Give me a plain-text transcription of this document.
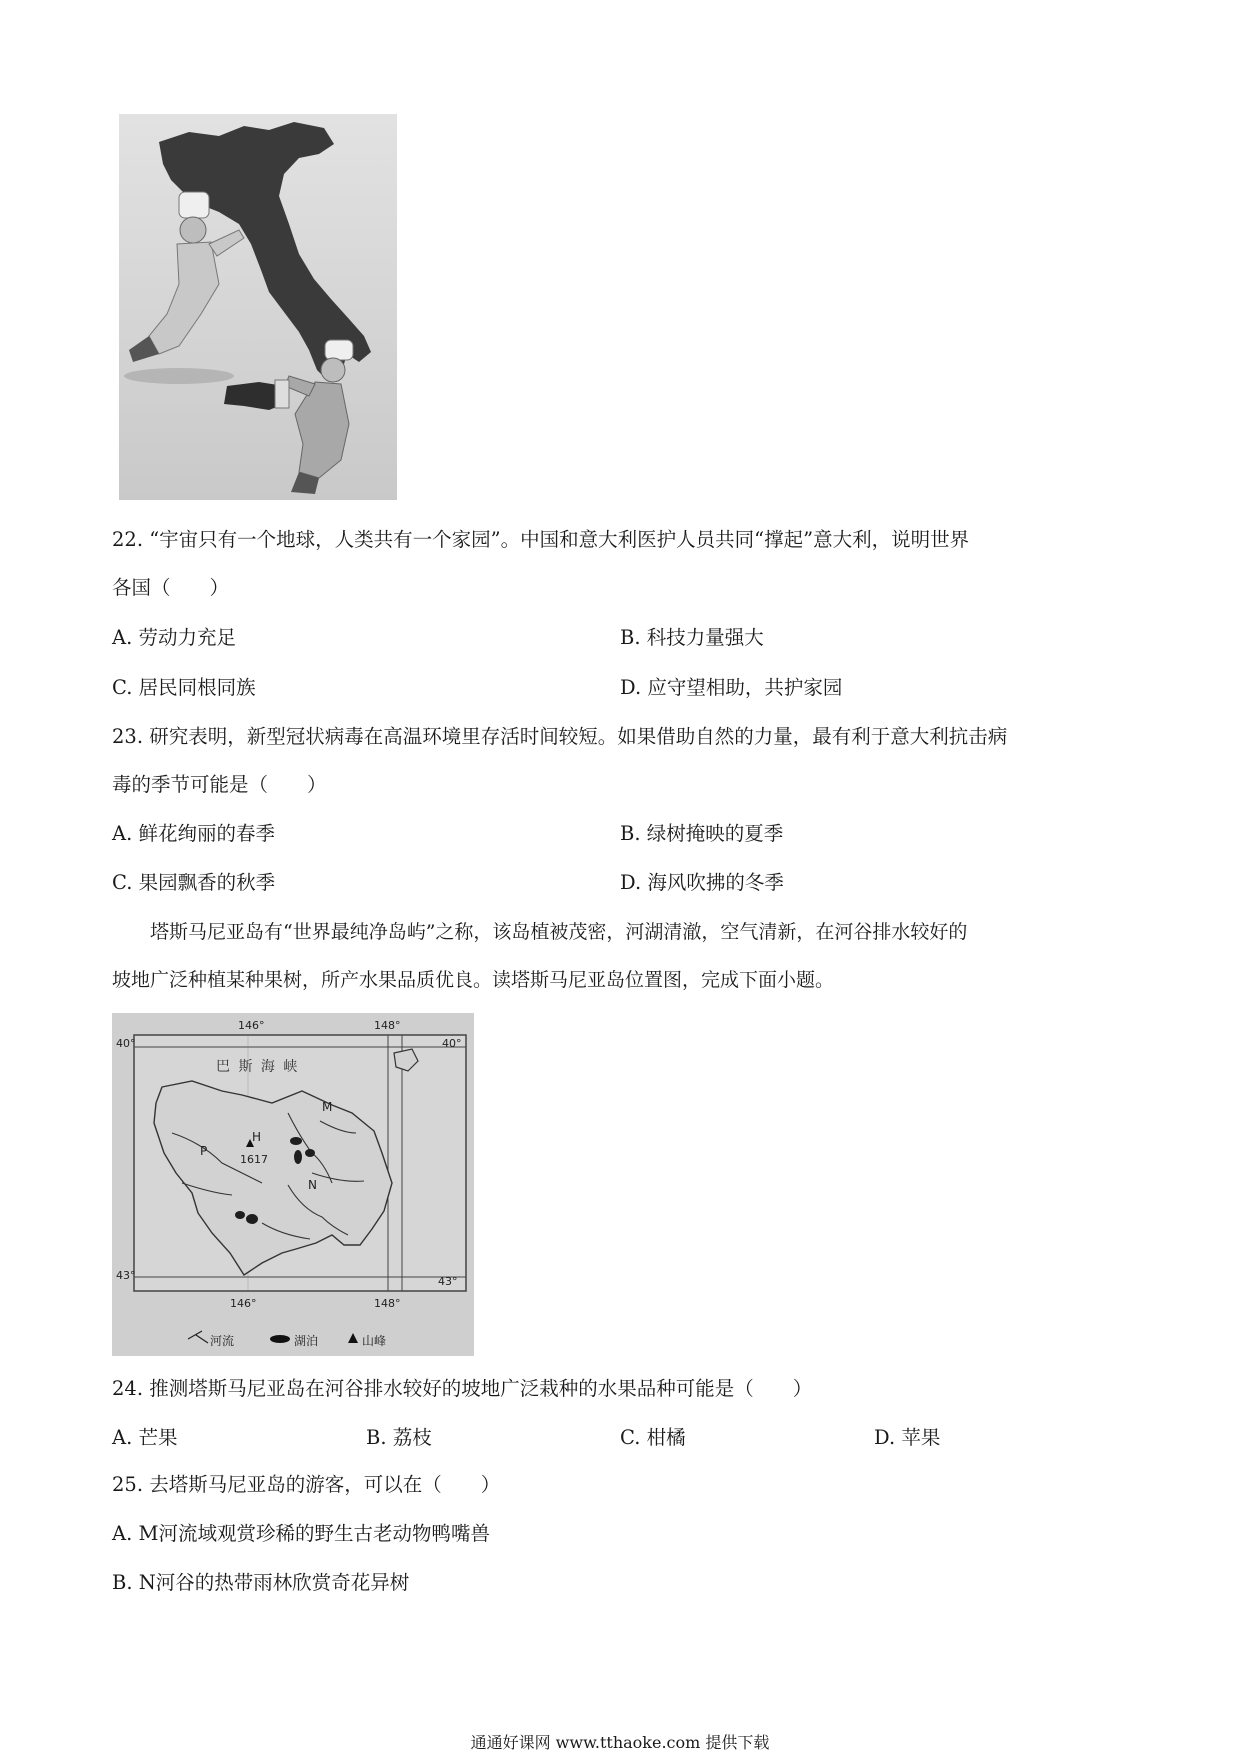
22. “宇宙只有一个地球，人类共有一个家园”。中国和意大利医护人员共同“撑起”意大利，说明世界
各国（　　）
A. 劳动力充足	B. 科技力量强大
C. 居民同根同族	D. 应守望相助，共护家园
23. 研究表明，新型冠状病毒在高温环境里存活时间较短。如果借助自然的力量，最有利于意大利抗击病
毒的季节可能是（　　）
A. 鲜花绚丽的春季	B. 绿树掩映的夏季
C. 果园飘香的秋季	D. 海风吹拂的冬季
塔斯马尼亚岛有“世界最纯净岛屿”之称，该岛植被茂密，河湖清澈，空气清新，在河谷排水较好的
坡地广泛种植某种果树，所产水果品质优良。读塔斯马尼亚岛位置图，完成下面小题。
146°	148°
40°	40°
43°	43°
146°	148°
巴 斯 海 峡
M
H
1617
P
N
河流	湖泊	山峰
24. 推测塔斯马尼亚岛在河谷排水较好的坡地广泛栽种的水果品种可能是（　　）
A. 芒果	B. 荔枝	C. 柑橘	D. 苹果
25. 去塔斯马尼亚岛的游客，可以在（　　）
A. M河流域观赏珍稀的野生古老动物鸭嘴兽
B. N河谷的热带雨林欣赏奇花异树
通通好课网 www.tthaoke.com 提供下载
